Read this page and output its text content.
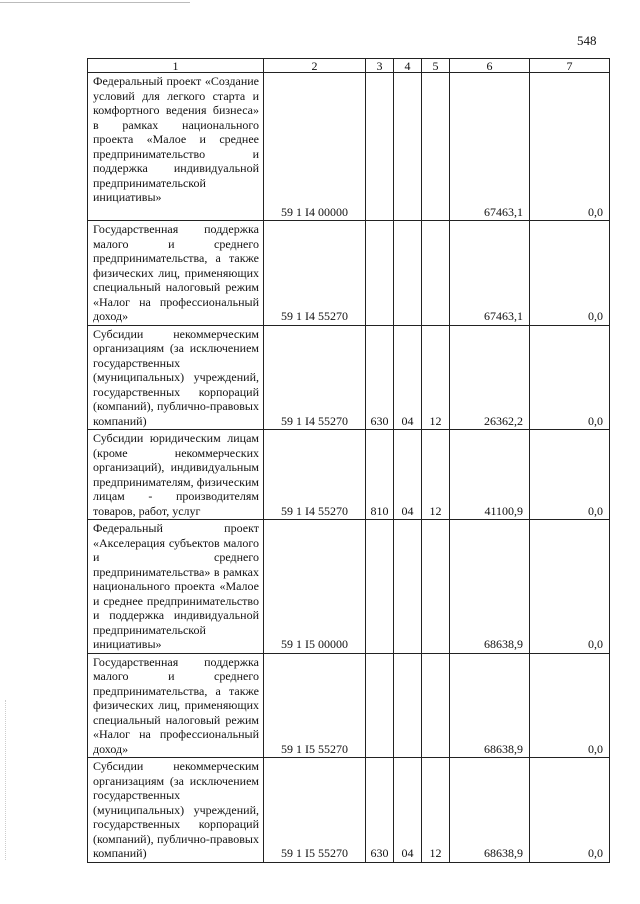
548
1	2	3	4	5	6	7
Федеральный проект «Создание условий для легкого старта и комфортного ведения бизнеса» в рамках национального проекта «Малое и среднее предпринимательство и поддержка индивидуальной предпринимательской инициативы»	59 1 I4 00000				67463,1	0,0
Государственная поддержка малого и среднего предпринимательства, а также физических лиц, применяющих специальный налоговый режим «Налог на профессиональный доход»	59 1 I4 55270				67463,1	0,0
Субсидии некоммерческим организациям (за исключением государственных (муниципальных) учреждений, государственных корпораций (компаний), публично-правовых компаний)	59 1 I4 55270	630	04	12	26362,2	0,0
Субсидии юридическим лицам (кроме некоммерческих организаций), индивидуальным предпринимателям, физическим лицам - производителям товаров, работ, услуг	59 1 I4 55270	810	04	12	41100,9	0,0
Федеральный проект «Акселерация субъектов малого и среднего предпринимательства» в рамках национального проекта «Малое и среднее предпринимательство и поддержка индивидуальной предпринимательской инициативы»	59 1 I5 00000				68638,9	0,0
Государственная поддержка малого и среднего предпринимательства, а также физических лиц, применяющих специальный налоговый режим «Налог на профессиональный доход»	59 1 I5 55270				68638,9	0,0
Субсидии некоммерческим организациям (за исключением государственных (муниципальных) учреждений, государственных корпораций (компаний), публично-правовых компаний)	59 1 I5 55270	630	04	12	68638,9	0,0
